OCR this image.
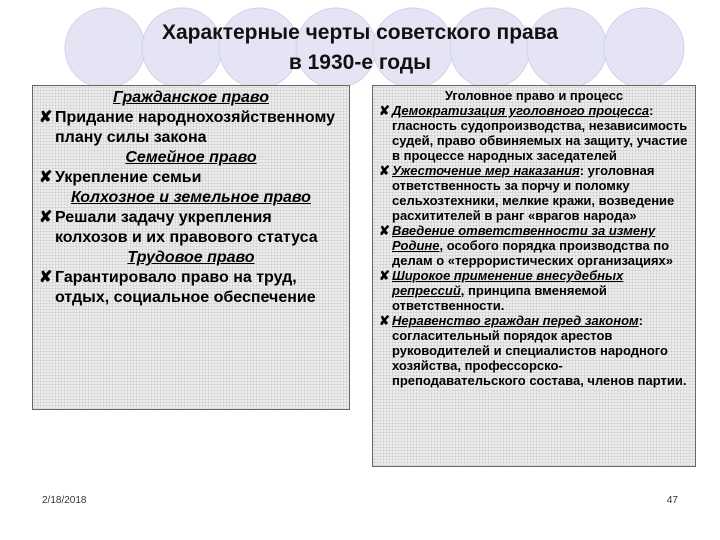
Характерные черты советского права
в 1930-е годы
Гражданское право
✘ Придание народнохозяйственному плану силы закона
Семейное право
✘ Укрепление семьи
Колхозное и земельное право
✘ Решали задачу укрепления колхозов и их правового статуса
Трудовое право
✘ Гарантировало право на труд, отдых, социальное обеспечение
Уголовное право и процесс
✘ Демократизация уголовного процесса: гласность судопроизводства, независимость судей, право обвиняемых на защиту, участие в процессе народных заседателей
✘ Ужесточение мер наказания: уголовная ответственность за порчу и поломку сельхозтехники, мелкие кражи, возведение расхитителей в ранг «врагов народа»
✘ Введение ответственности за измену Родине, особого порядка производства по делам о «террористических организациях»
✘ Широкое применение внесудебных репрессий, принципа вменяемой ответственности.
✘ Неравенство граждан перед законом: согласительный порядок арестов руководителей и специалистов народного хозяйства, профессорско-преподавательского состава, членов партии.
2/18/2018	47
